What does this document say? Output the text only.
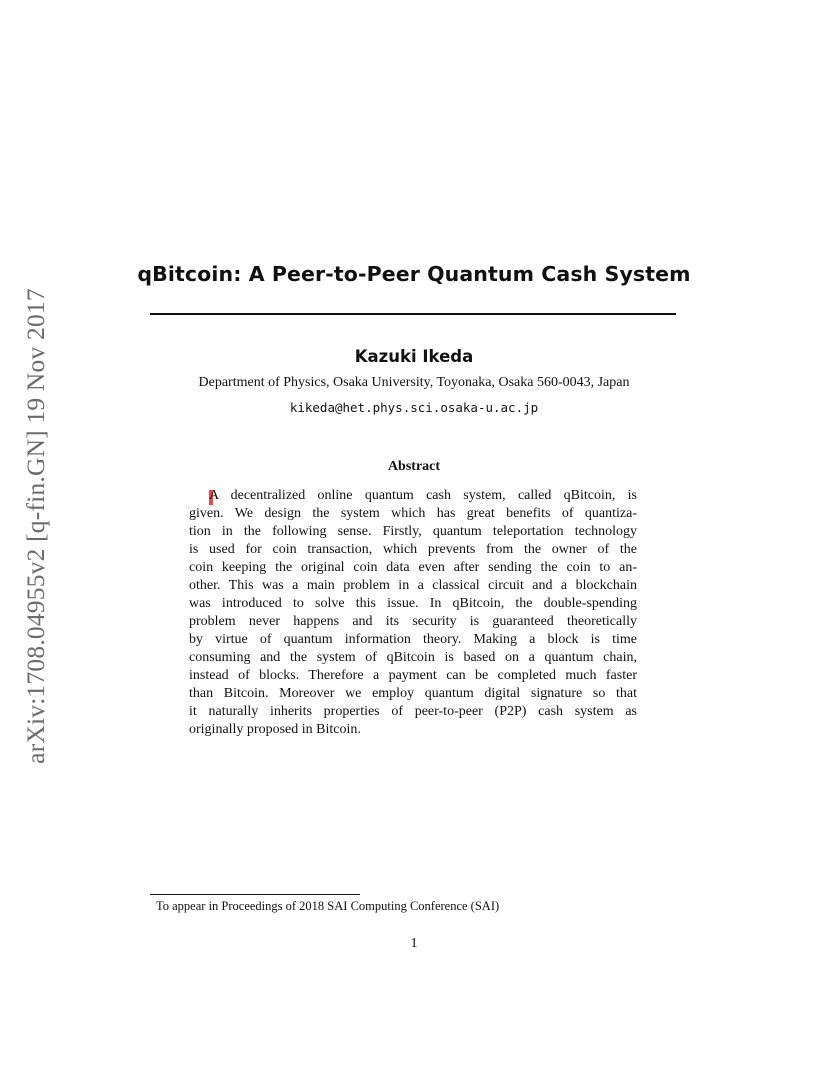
arXiv:1708.04955v2 [q-fin.GN] 19 Nov 2017
qBitcoin: A Peer-to-Peer Quantum Cash System
Kazuki Ikeda
Department of Physics, Osaka University, Toyonaka, Osaka 560-0043, Japan
kikeda@het.phys.sci.osaka-u.ac.jp
Abstract
A decentralized online quantum cash system, called qBitcoin, is
given. We design the system which has great benefits of quantiza-
tion in the following sense. Firstly, quantum teleportation technology
is used for coin transaction, which prevents from the owner of the
coin keeping the original coin data even after sending the coin to an-
other. This was a main problem in a classical circuit and a blockchain
was introduced to solve this issue. In qBitcoin, the double-spending
problem never happens and its security is guaranteed theoretically
by virtue of quantum information theory. Making a block is time
consuming and the system of qBitcoin is based on a quantum chain,
instead of blocks. Therefore a payment can be completed much faster
than Bitcoin. Moreover we employ quantum digital signature so that
it naturally inherits properties of peer-to-peer (P2P) cash system as
originally proposed in Bitcoin.
To appear in Proceedings of 2018 SAI Computing Conference (SAI)
1
